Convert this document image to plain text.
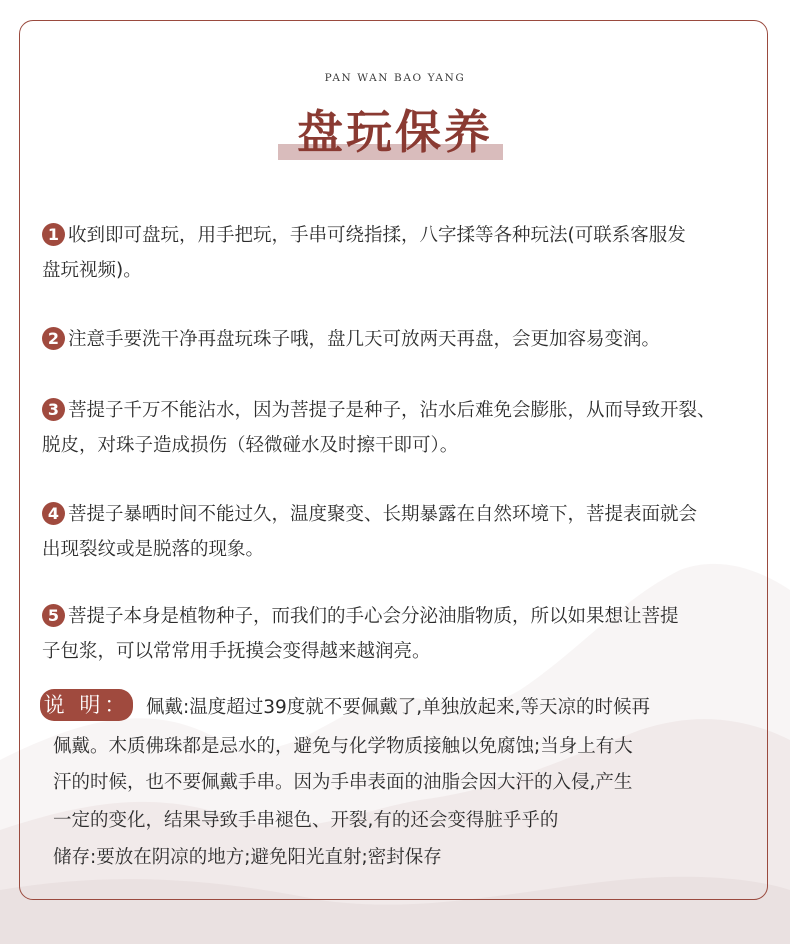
PAN WAN BAO YANG
盘玩保养
1 收到即可盘玩，用手把玩，手串可绕指揉，八字揉等各种玩法(可联系客服发
盘玩视频)。
2 注意手要洗干净再盘玩珠子哦，盘几天可放两天再盘，会更加容易变润。
3 菩提子千万不能沾水，因为菩提子是种子，沾水后难免会膨胀，从而导致开裂、
脱皮，对珠子造成损伤（轻微碰水及时擦干即可）。
4 菩提子暴晒时间不能过久，温度聚变、长期暴露在自然环境下，菩提表面就会
出现裂纹或是脱落的现象。
5 菩提子本身是植物种子，而我们的手心会分泌油脂物质，所以如果想让菩提
子包浆，可以常常用手抚摸会变得越来越润亮。
说 明： 佩戴:温度超过39度就不要佩戴了,单独放起来,等天凉的时候再
佩戴。木质佛珠都是忌水的，避免与化学物质接触以免腐蚀;当身上有大
汗的时候，也不要佩戴手串。因为手串表面的油脂会因大汗的入侵,产生
一定的变化，结果导致手串褪色、开裂,有的还会变得脏乎乎的
储存:要放在阴凉的地方;避免阳光直射;密封保存
